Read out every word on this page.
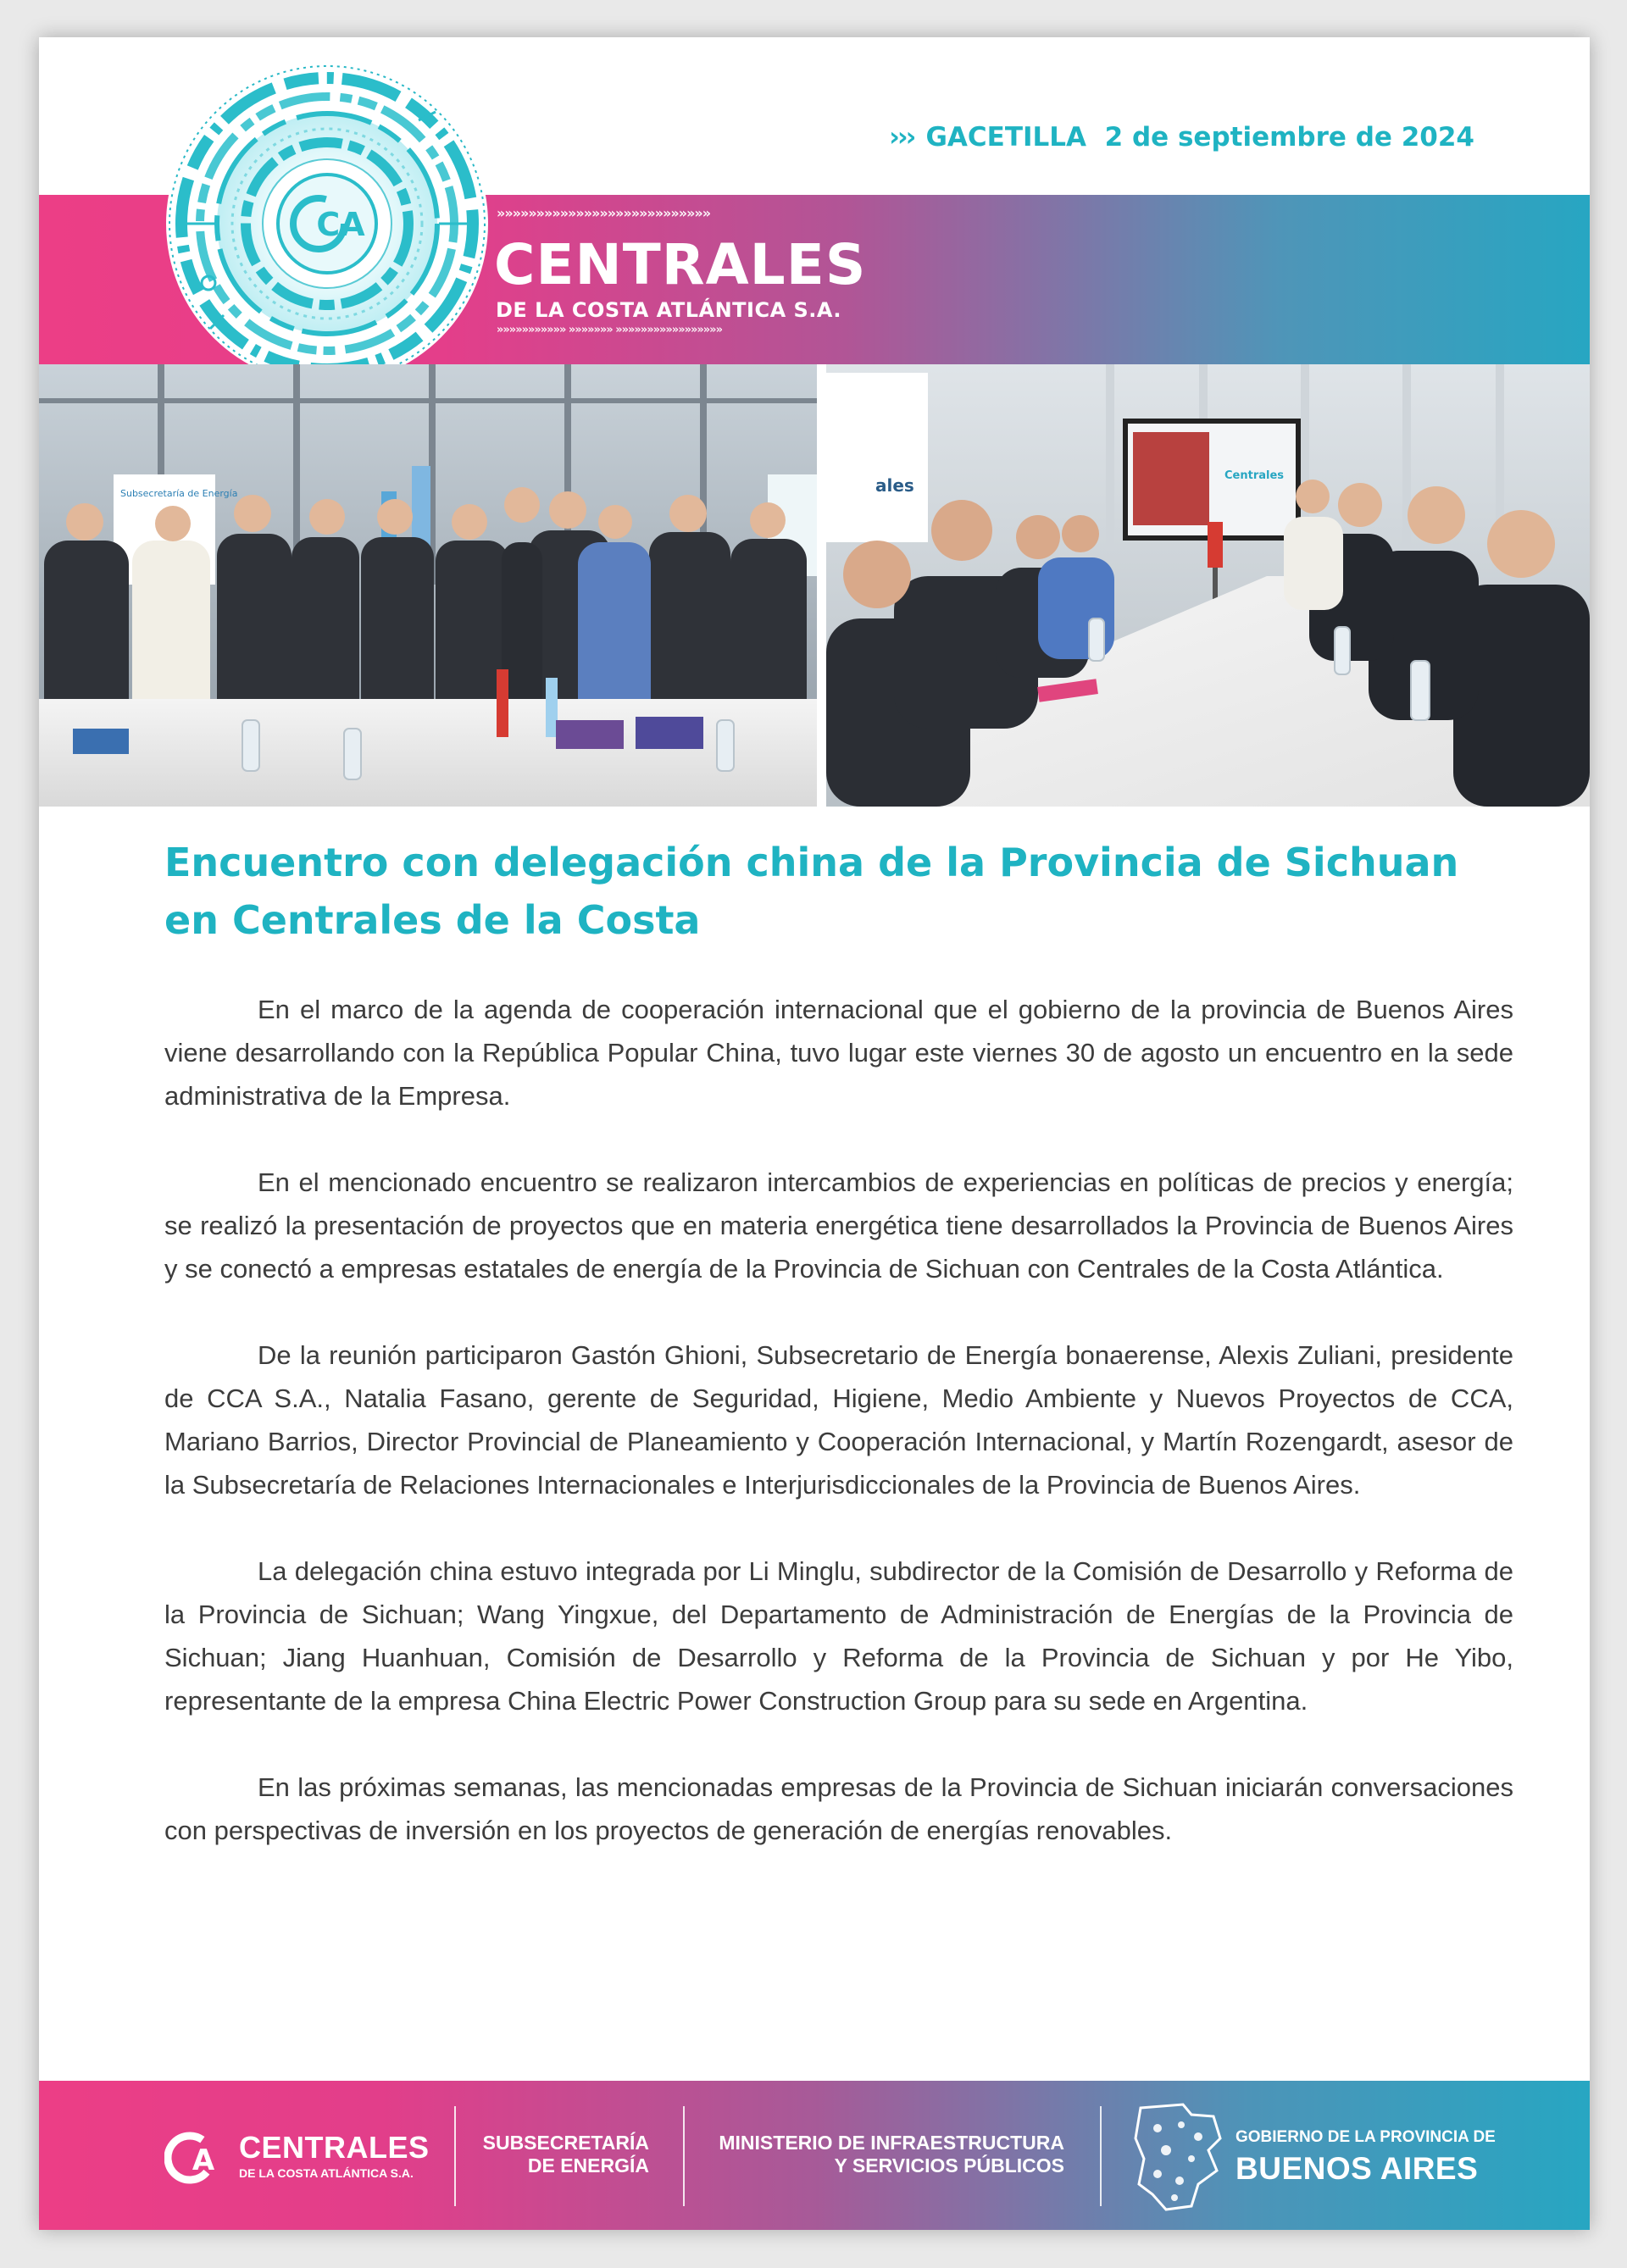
››› GACETILLA 2 de septiembre de 2024
»»»»»»»»»»»»»»»»»»»»»»»»»»»
CENTRALES
DE LA COSTA ATLÁNTICA S.A.
»»»»»»»»»»» »»»»»»» »»»»»»»»»»»»»»»»»
CA
Subsecretaría de Energía	ales	Centrales
Encuentro con delegación china de la Provincia de Sichuan
en Centrales de la Costa

En el marco de la agenda de cooperación internacional que el gobierno de la provincia de Buenos Aires viene desarrollando con la República Popular China, tuvo lugar este viernes 30 de agosto un encuentro en la sede administrativa de la Empresa.

En el mencionado encuentro se realizaron intercambios de experiencias en políticas de precios y energía; se realizó la presentación de proyectos que en materia energética tiene desarrollados la Provincia de Buenos Aires y se conectó a empresas estatales de energía de la Provincia de Sichuan con Centrales de la Costa Atlántica.

De la reunión participaron Gastón Ghioni, Subsecretario de Energía bonaerense, Alexis Zuliani, presidente de CCA S.A., Natalia Fasano, gerente de Seguridad, Higiene, Medio Ambiente y Nuevos Proyectos de CCA, Mariano Barrios, Director Provincial de Planeamiento y Cooperación Internacional, y Martín Rozengardt, asesor de la Subsecretaría de Relaciones Internacionales e Interjurisdiccionales de la Provincia de Buenos Aires.

La delegación china estuvo integrada por Li Minglu, subdirector de la Comisión de Desarrollo y Reforma de la Provincia de Sichuan; Wang Yingxue, del Departamento de Administración de Energías de la Provincia de Sichuan; Jiang Huanhuan, Comisión de Desarrollo y Reforma de la Provincia de Sichuan y por He Yibo, representante de la empresa China Electric Power Construction Group para su sede en Argentina.

En las próximas semanas, las mencionadas empresas de la Provincia de Sichuan iniciarán conversaciones con perspectivas de inversión en los proyectos de generación de energías renovables.

A CENTRALES
DE LA COSTA ATLÁNTICA S.A.
SUBSECRETARÍA
DE ENERGÍA
MINISTERIO DE INFRAESTRUCTURA
Y SERVICIOS PÚBLICOS
GOBIERNO DE LA PROVINCIA DE
BUENOS AIRES
